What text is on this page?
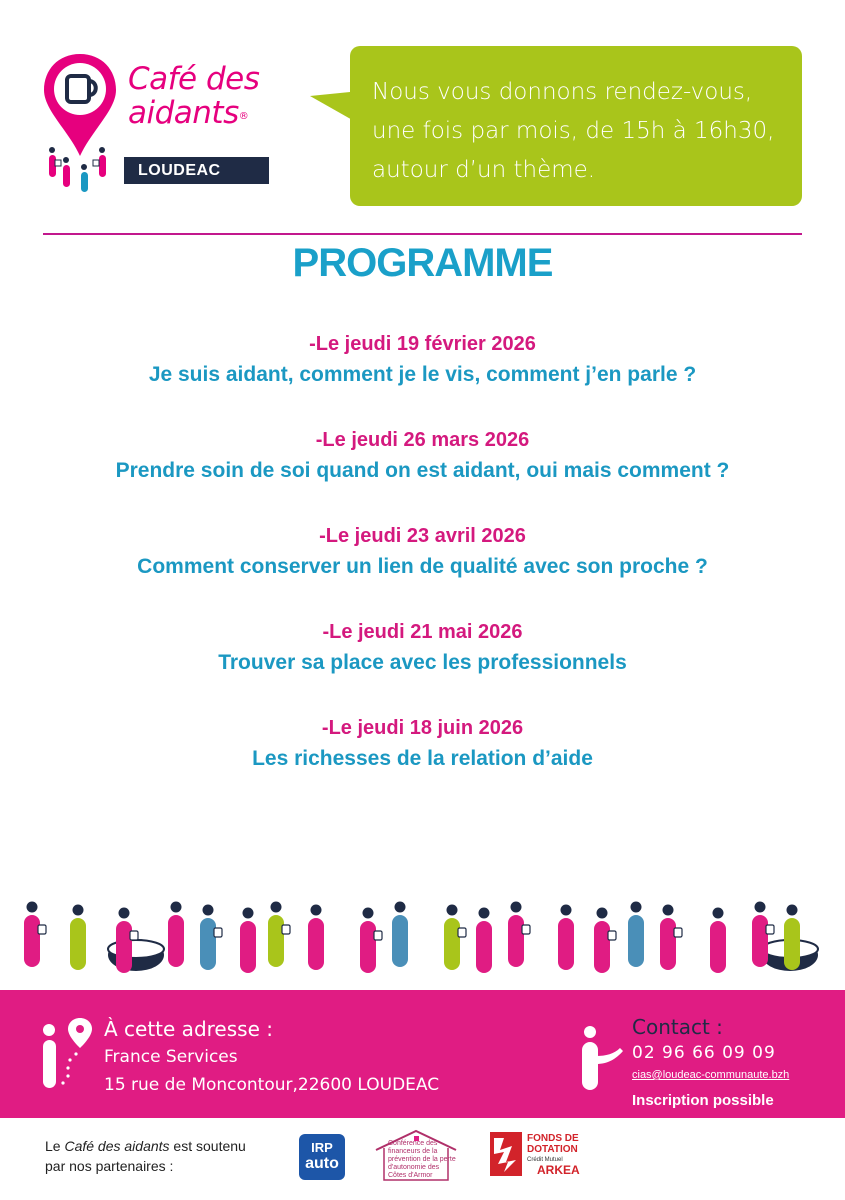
Café des
aidants®
LOUDEAC
Nous vous donnons rendez-vous,
une fois par mois, de 15h à 16h30,
autour d’un thème.
PROGRAMME
-Le jeudi 19 février 2026
Je suis aidant, comment je le vis, comment j’en parle ?
-Le jeudi 26 mars 2026
Prendre soin de soi quand on est aidant, oui mais comment ?
-Le jeudi 23 avril 2026
Comment conserver un lien de qualité avec son proche ?
-Le jeudi 21 mai 2026
Trouver sa place avec les professionnels
-Le jeudi 18 juin 2026
Les richesses de la relation d’aide
À cette adresse :
France Services
15 rue de Moncontour,22600 LOUDEAC
Contact :
02 96 66 09 09
cias@loudeac-communaute.bzh
Inscription possible
Le Café des aidants est soutenu
par nos partenaires :
IRP
auto
Conférence des financeurs de la prévention de la perte d'autonomie des Côtes d'Armor
FONDS DE
DOTATION
Crédit Mutuel
ARKEA
